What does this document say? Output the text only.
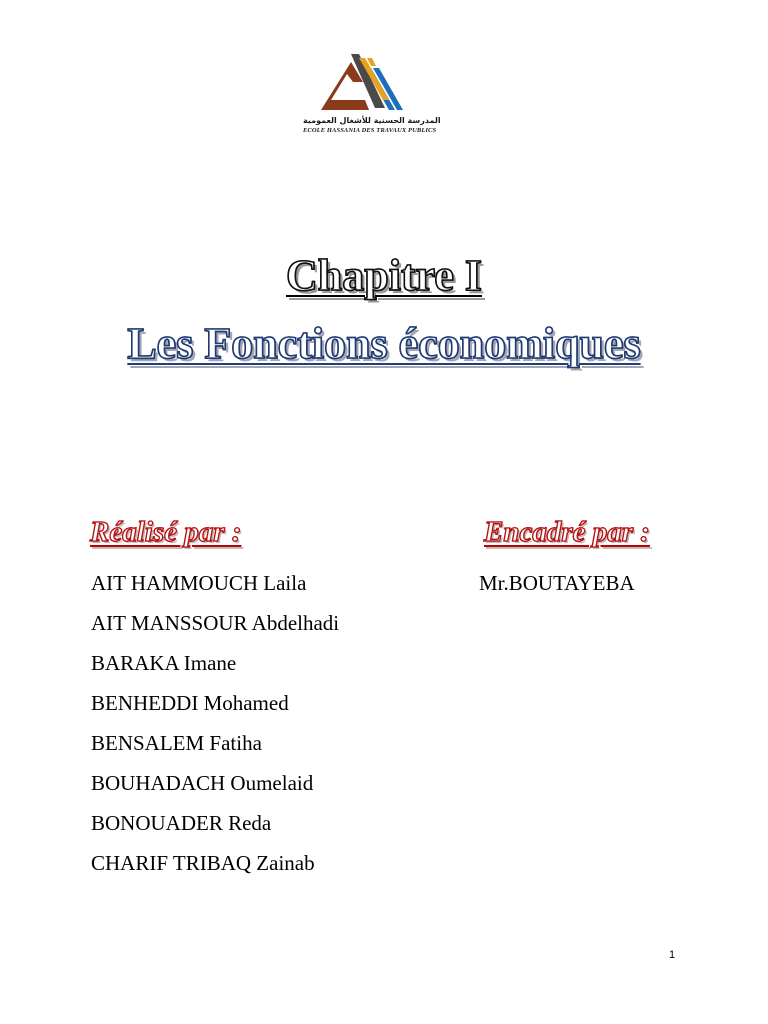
المدرسة الحسنية للأشغال العمومية
ECOLE HASSANIA DES TRAVAUX PUBLICS
Chapitre I
Les Fonctions économiques
Réalisé par :	Encadré par :
AIT HAMMOUCH Laila
AIT MANSSOUR Abdelhadi
BARAKA Imane
BENHEDDI Mohamed
BENSALEM Fatiha
BOUHADACH Oumelaid
BONOUADER Reda
CHARIF TRIBAQ Zainab
Mr.BOUTAYEBA
1
